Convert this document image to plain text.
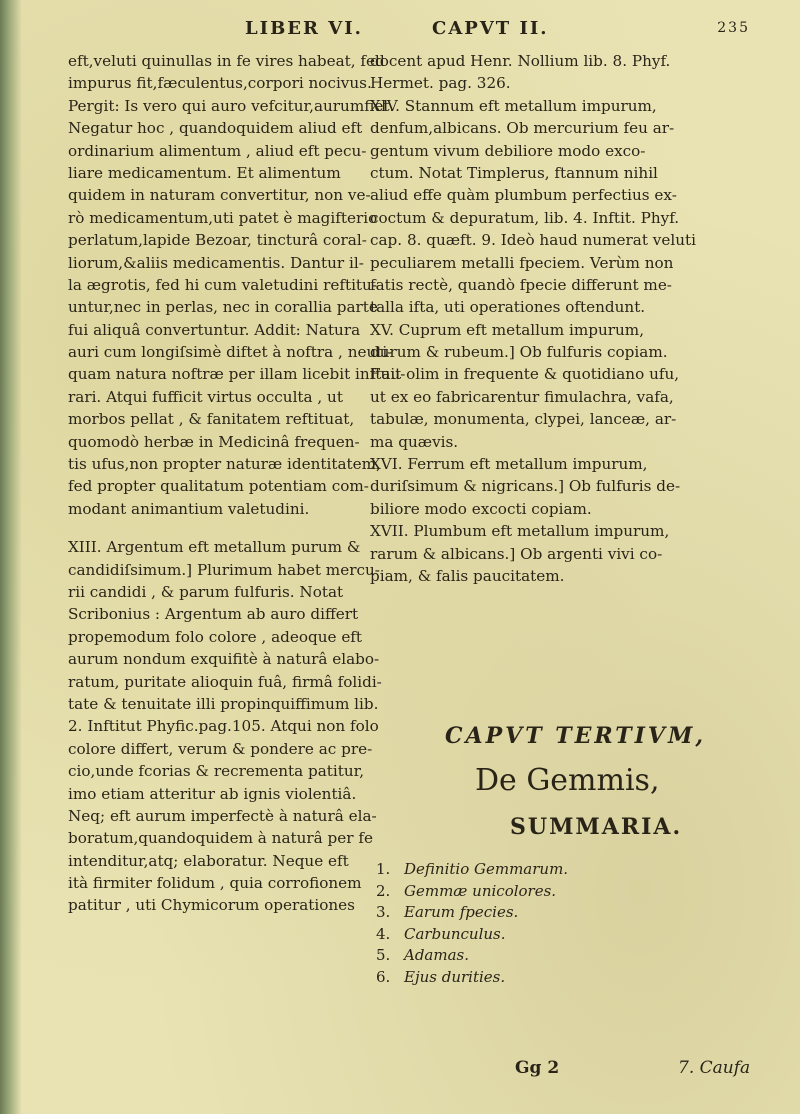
LIBER VI.	CAPVT II.	235
eft,veluti quinullas in fe vires habeat, fed
impurus fit,fæculentus,corpori nocivus.
Pergit: Is vero qui auro vefcitur,aurumfiet.
Negatur hoc , quandoquidem aliud eft
ordinarium alimentum , aliud eft pecu-
liare medicamentum. Et alimentum
quidem in naturam convertitur, non ve-
rò medicamentum,uti patet è magifterio
perlatum,lapide Bezoar, tincturâ coral-
liorum,&aliis medicamentis. Dantur il-
la ægrotis, fed hi cum valetudini reftitu-
untur,nec in perlas, nec in corallia parte
fui aliquâ convertuntur. Addit: Natura
auri cum longiſsimè diftet à noftra , neuti-
quam natura noftræ per illam licebit inftau-
rari. Atqui fufficit virtus occulta , ut
morbos pellat , & fanitatem reftituat,
quomodò herbæ in Medicinâ frequen-
tis ufus,non propter naturæ identitatem,
fed propter qualitatum potentiam com-
modant animantium valetudini.
XIII. Argentum eft metallum purum &
candidiſsimum.] Plurimum habet mercu-
rii candidi , & parum fulfuris. Notat
Scribonius : Argentum ab auro differt
propemodum folo colore , adeoque eft
aurum nondum exquifitè à naturâ elabo-
ratum, puritate alioquin fuâ, firmâ folidi-
tate & tenuitate illi propinquiffimum lib.
2. Inftitut Phyfic.pag.105. Atqui non folo
colore differt, verum & pondere ac pre-
cio,unde fcorias & recrementa patitur,
imo etiam atteritur ab ignis violentiâ.
Neq; eft aurum imperfectè à naturâ ela-
boratum,quandoquidem à naturâ per fe
intenditur,atq; elaboratur. Neque eft
ità firmiter folidum , quia corrofionem
patitur , uti Chymicorum operationes
docent apud Henr. Nollium lib. 8. Phyf.
Hermet. pag. 326.
XIV. Stannum eft metallum impurum,
denfum,albicans. Ob mercurium feu ar-
gentum vivum debiliore modo exco-
ctum. Notat Timplerus, ftannum nihil
aliud effe quàm plumbum perfectius ex-
coctum & depuratum, lib. 4. Inftit. Phyf.
cap. 8. quæft. 9. Ideò haud numerat veluti
peculiarem metalli fpeciem. Verùm non
fatis rectè, quandò fpecie differunt me-
talla ifta, uti operationes oftendunt.
XV. Cuprum eft metallum impurum,
durum & rubeum.] Ob fulfuris copiam.
Fuit olim in frequente & quotidiano ufu,
ut ex eo fabricarentur fimulachra, vafa,
tabulæ, monumenta, clypei, lanceæ, ar-
ma quævis.
XVI. Ferrum eft metallum impurum,
duriſsimum & nigricans.] Ob fulfuris de-
biliore modo excocti copiam.
XVII. Plumbum eft metallum impurum,
rarum & albicans.] Ob argenti vivi co-
piam, & falis paucitatem.
CAPVT TERTIVM,
De Gemmis,
SUMMARIA.
1. Definitio Gemmarum.
2. Gemmæ unicolores.
3. Earum fpecies.
4. Carbunculus.
5. Adamas.
6. Ejus durities.
Gg 2	7. Caufa
